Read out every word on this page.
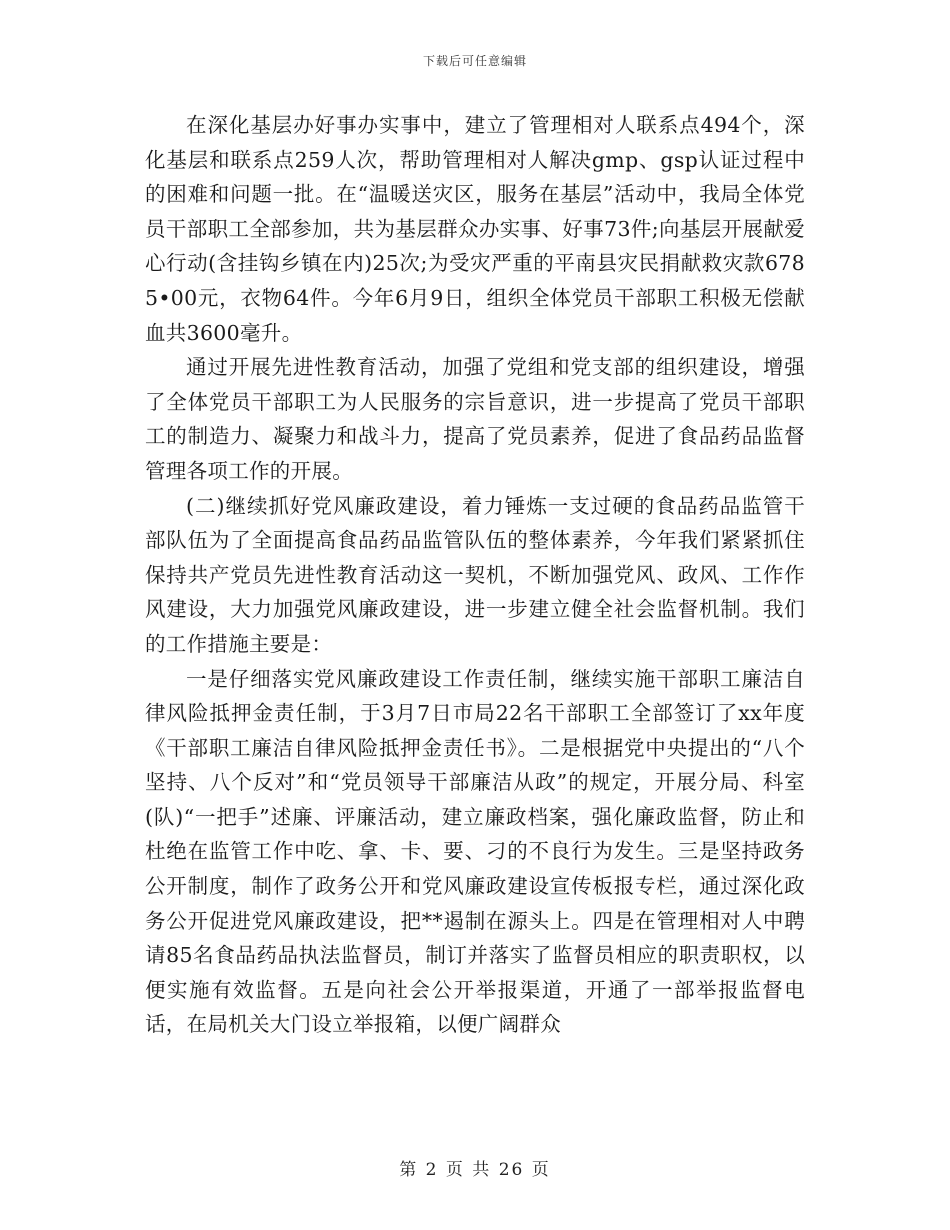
下载后可任意编辑

在深化基层办好事办实事中，建立了管理相对人联系点494个，深化基层和联系点259人次，帮助管理相对人解决gmp、gsp认证过程中的困难和问题一批。在“温暖送灾区，服务在基层”活动中，我局全体党员干部职工全部参加，共为基层群众办实事、好事73件;向基层开展献爱心行动(含挂钩乡镇在内)25次;为受灾严重的平南县灾民捐献救灾款6785•00元，衣物64件。今年6月9日，组织全体党员干部职工积极无偿献血共3600毫升。

通过开展先进性教育活动，加强了党组和党支部的组织建设，增强了全体党员干部职工为人民服务的宗旨意识，进一步提高了党员干部职工的制造力、凝聚力和战斗力，提高了党员素养，促进了食品药品监督管理各项工作的开展。

(二)继续抓好党风廉政建设，着力锤炼一支过硬的食品药品监管干部队伍为了全面提高食品药品监管队伍的整体素养，今年我们紧紧抓住保持共产党员先进性教育活动这一契机，不断加强党风、政风、工作作风建设，大力加强党风廉政建设，进一步建立健全社会监督机制。我们的工作措施主要是：

一是仔细落实党风廉政建设工作责任制，继续实施干部职工廉洁自律风险抵押金责任制，于3月7日市局22名干部职工全部签订了xx年度《干部职工廉洁自律风险抵押金责任书》。二是根据党中央提出的“八个坚持、八个反对”和“党员领导干部廉洁从政”的规定，开展分局、科室(队)“一把手”述廉、评廉活动，建立廉政档案，强化廉政监督，防止和杜绝在监管工作中吃、拿、卡、要、刁的不良行为发生。三是坚持政务公开制度，制作了政务公开和党风廉政建设宣传板报专栏，通过深化政务公开促进党风廉政建设，把**遏制在源头上。四是在管理相对人中聘请85名食品药品执法监督员，制订并落实了监督员相应的职责职权，以便实施有效监督。五是向社会公开举报渠道，开通了一部举报监督电话，在局机关大门设立举报箱，以便广阔群众

第 2 页 共 26 页
